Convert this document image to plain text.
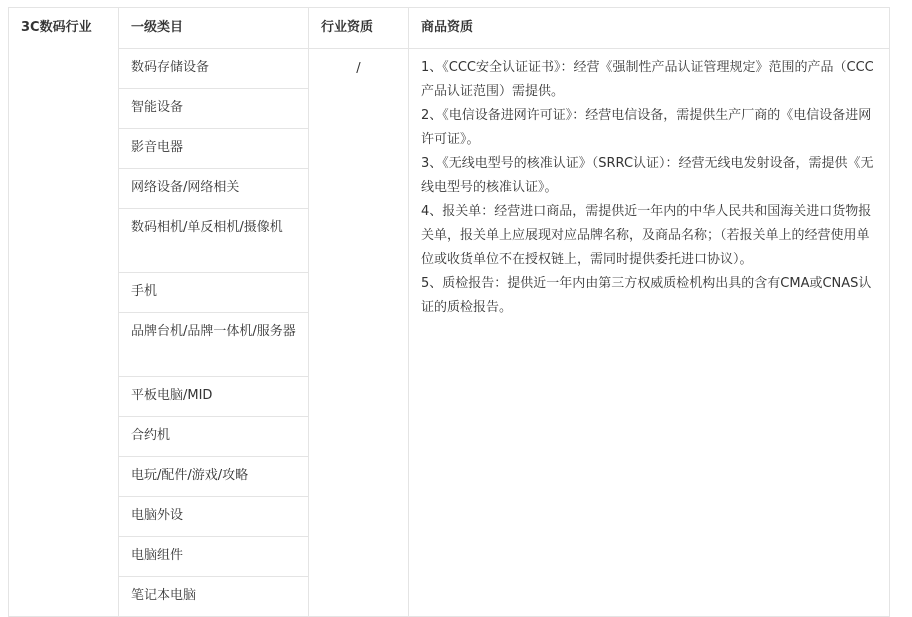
3C数码行业	一级类目	行业资质	商品资质
	数码存储设备	/	1、《CCC安全认证证书》：经营《强制性产品认证管理规定》范围的产品（CCC产品认证范围）需提供。
2、《电信设备进网许可证》：经营电信设备，需提供生产厂商的《电信设备进网许可证》。
3、《无线电型号的核准认证》（SRRC认证）：经营无线电发射设备，需提供《无线电型号的核准认证》。
4、报关单：经营进口商品，需提供近一年内的中华人民共和国海关进口货物报关单，报关单上应展现对应品牌名称，及商品名称；（若报关单上的经营使用单位或收货单位不在授权链上，需同时提供委托进口协议）。
5、质检报告：提供近一年内由第三方权威质检机构出具的含有CMA或CNAS认证的质检报告。

	智能设备		
	影音电器		
	网络设备/网络相关		
	数码相机/单反相机/摄像机		
	手机		
	品牌台机/品牌一体机/服务器		
	平板电脑/MID		
	合约机		
	电玩/配件/游戏/攻略		
	电脑外设		
	电脑组件		
	笔记本电脑		
